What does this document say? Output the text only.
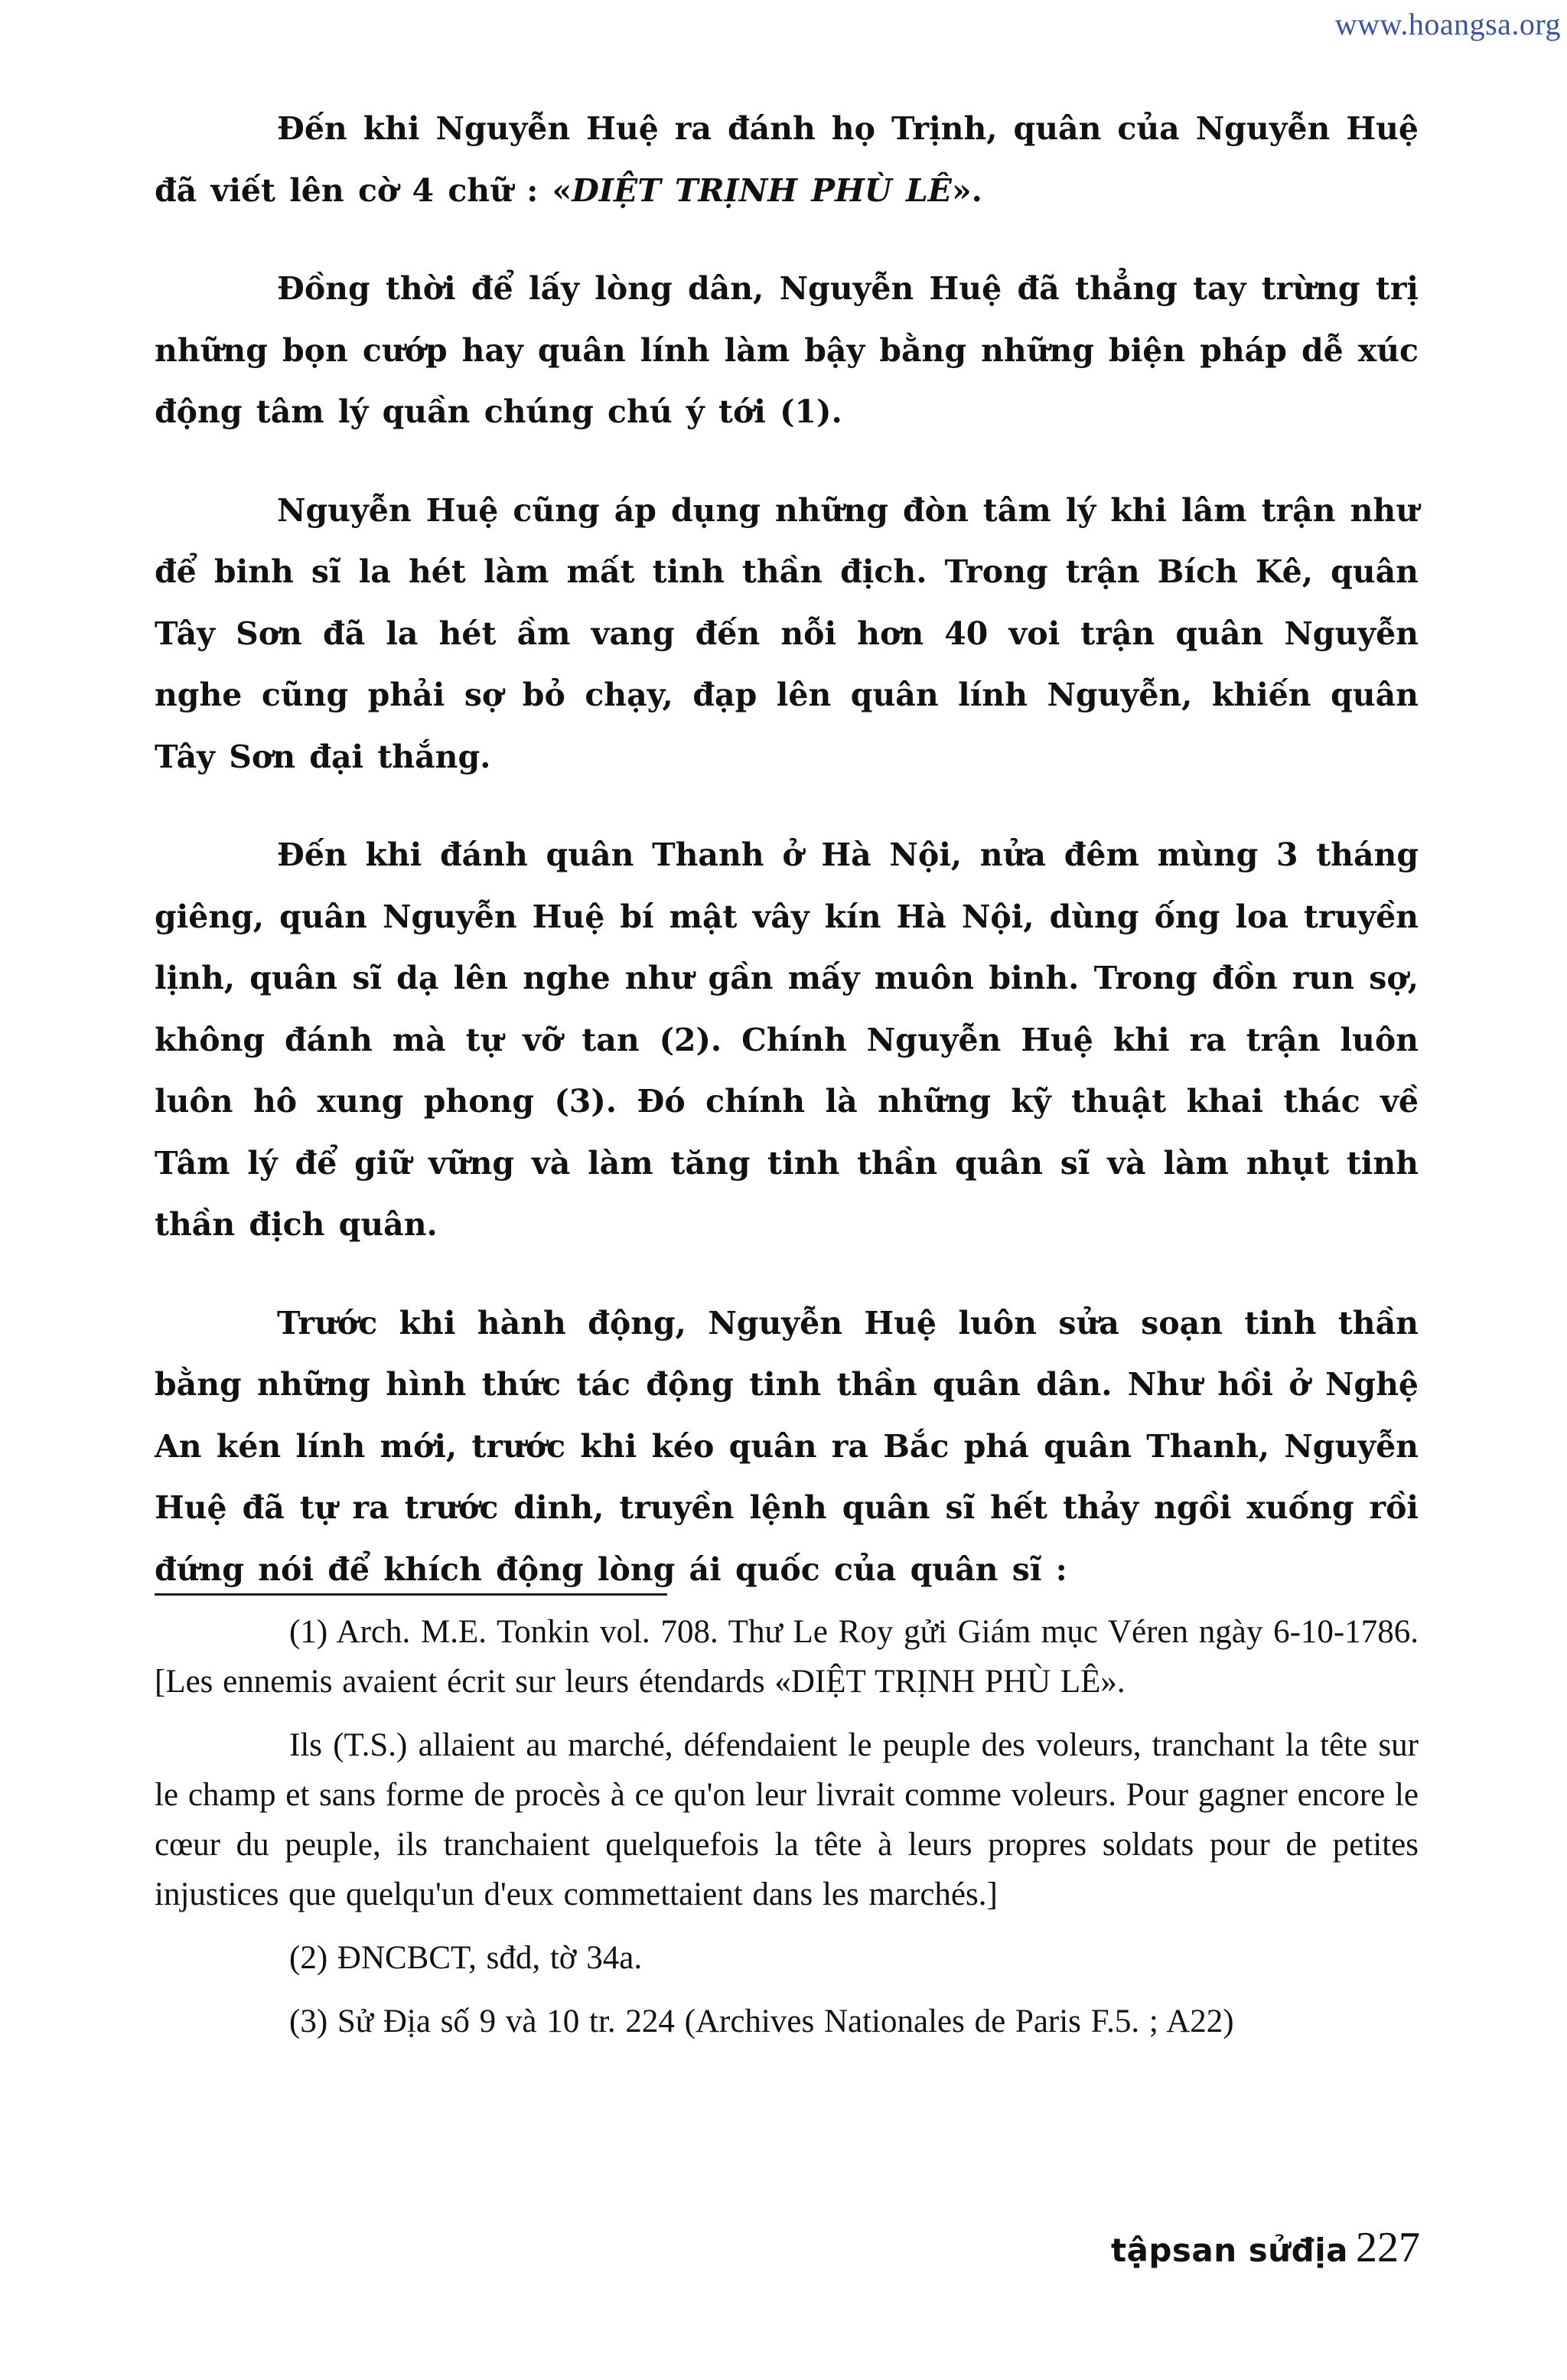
www.hoangsa.org

Đến khi Nguyễn Huệ ra đánh họ Trịnh, quân của Nguyễn Huệ đã viết lên cờ 4 chữ : «DIỆT TRỊNH PHÙ LÊ».

Đồng thời để lấy lòng dân, Nguyễn Huệ đã thẳng tay trừng trị những bọn cướp hay quân lính làm bậy bằng những biện pháp dễ xúc động tâm lý quần chúng chú ý tới (1).

Nguyễn Huệ cũng áp dụng những đòn tâm lý khi lâm trận như để binh sĩ la hét làm mất tinh thần địch. Trong trận Bích Kê, quân Tây Sơn đã la hét ầm vang đến nỗi hơn 40 voi trận quân Nguyễn nghe cũng phải sợ bỏ chạy, đạp lên quân lính Nguyễn, khiến quân Tây Sơn đại thắng.

Đến khi đánh quân Thanh ở Hà Nội, nửa đêm mùng 3 tháng giêng, quân Nguyễn Huệ bí mật vây kín Hà Nội, dùng ống loa truyền lịnh, quân sĩ dạ lên nghe như gần mấy muôn binh. Trong đồn run sợ, không đánh mà tự vỡ tan (2). Chính Nguyễn Huệ khi ra trận luôn luôn hô xung phong (3). Đó chính là những kỹ thuật khai thác về Tâm lý để giữ vững và làm tăng tinh thần quân sĩ và làm nhụt tinh thần địch quân.

Trước khi hành động, Nguyễn Huệ luôn sửa soạn tinh thần bằng những hình thức tác động tinh thần quân dân. Như hồi ở Nghệ An kén lính mới, trước khi kéo quân ra Bắc phá quân Thanh, Nguyễn Huệ đã tự ra trước dinh, truyền lệnh quân sĩ hết thảy ngồi xuống rồi đứng nói để khích động lòng ái quốc của quân sĩ :

(1) Arch. M.E. Tonkin vol. 708. Thư Le Roy gửi Giám mục Véren ngày 6-10-1786. [Les ennemis avaient écrit sur leurs étendards «DIỆT TRỊNH PHÙ LÊ».

Ils (T.S.) allaient au marché, défendaient le peuple des voleurs, tranchant la tête sur le champ et sans forme de procès à ce qu'on leur livrait comme voleurs. Pour gagner encore le cœur du peuple, ils tranchaient quelquefois la tête à leurs propres soldats pour de petites injustices que quelqu'un d'eux commettaient dans les marchés.]

(2) ĐNCBCT, sđd, tờ 34a.

(3) Sử Địa số 9 và 10 tr. 224 (Archives Nationales de Paris F.5. ; A22)

tậpsan sửđịa 227
